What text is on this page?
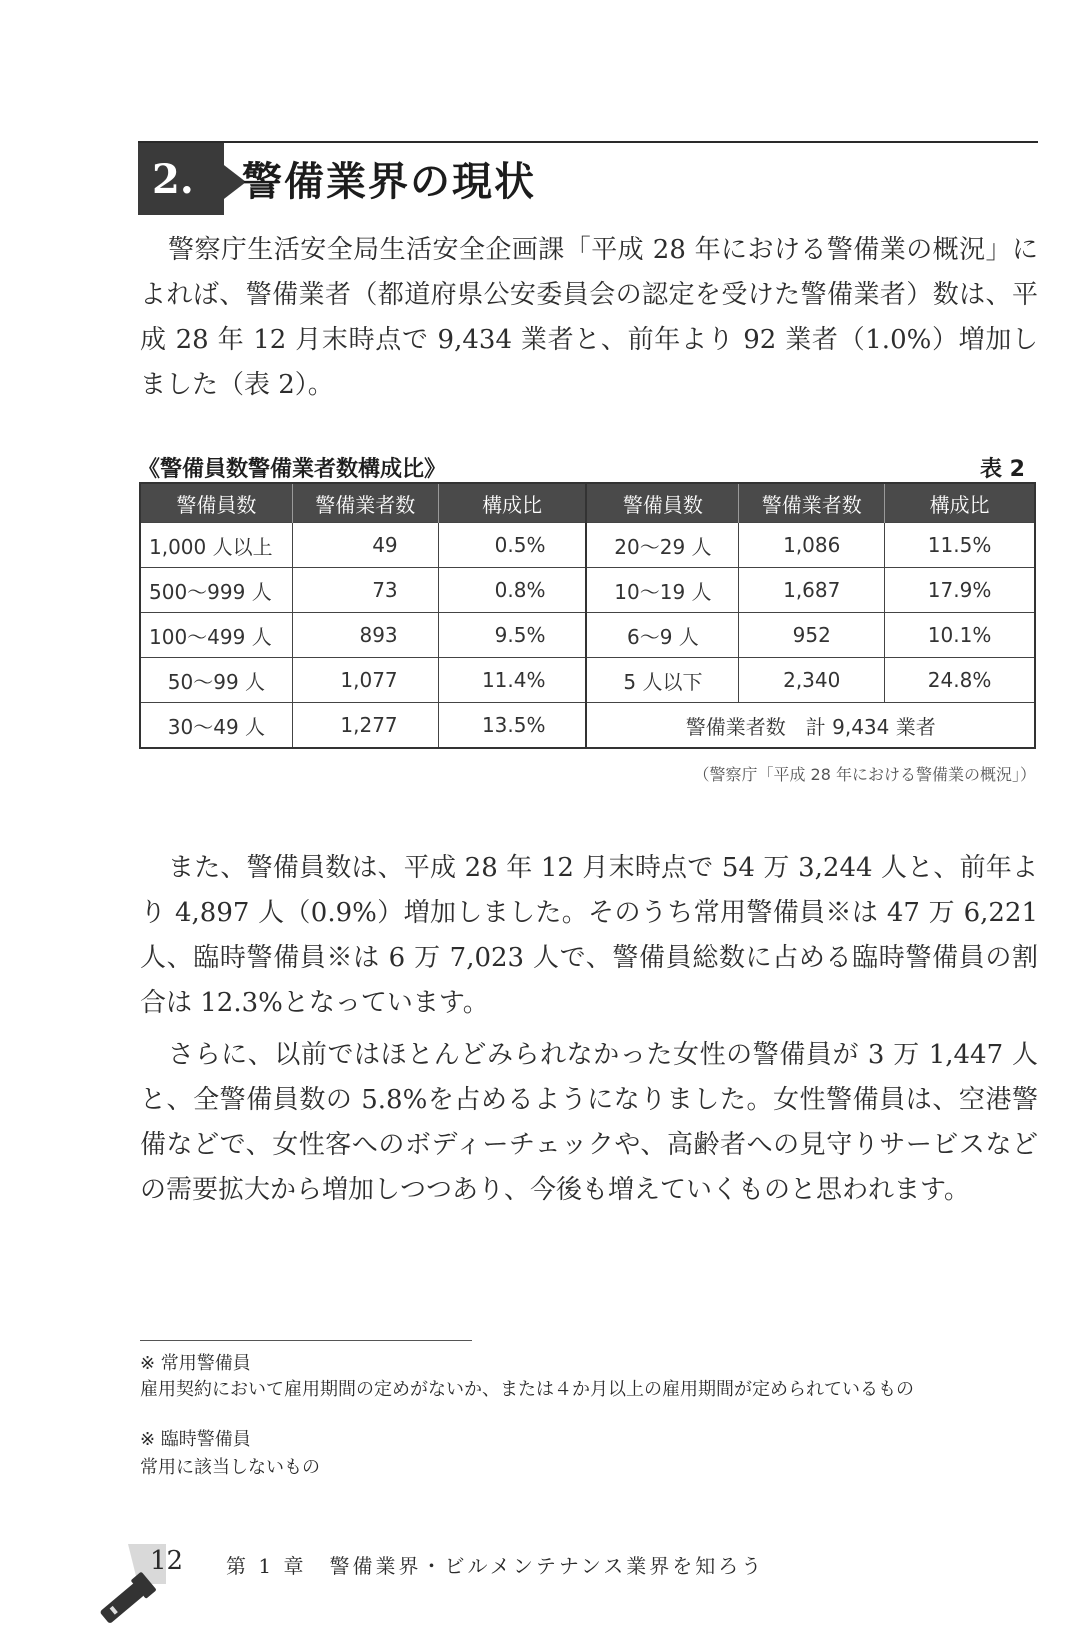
2.	警備業界の現状

警察庁生活安全局生活安全企画課「平成 28 年における警備業の概況」によれば、警備業者（都道府県公安委員会の認定を受けた警備業者）数は、平成 28 年 12 月末時点で 9,434 業者と、前年より 92 業者（1.0%）増加しました（表 2）。

《警備員数警備業者数構成比》	表 2
警備員数	警備業者数	構成比	警備員数	警備業者数	構成比
1,000 人以上	49	0.5%	20〜29 人	1,086	11.5%
500〜999 人	73	0.8%	10〜19 人	1,687	17.9%
100〜499 人	893	9.5%	6〜9 人	952	10.1%
50〜99 人	1,077	11.4%	5 人以下	2,340	24.8%
30〜49 人	1,277	13.5%	警備業者数　計 9,434 業者		
（警察庁「平成 28 年における警備業の概況」）

また、警備員数は、平成 28 年 12 月末時点で 54 万 3,244 人と、前年より 4,897 人（0.9%）増加しました。そのうち常用警備員※は 47 万 6,221 人、臨時警備員※は 6 万 7,023 人で、警備員総数に占める臨時警備員の割合は 12.3%となっています。

さらに、以前ではほとんどみられなかった女性の警備員が 3 万 1,447 人と、全警備員数の 5.8%を占めるようになりました。女性警備員は、空港警備などで、女性客へのボディーチェックや、高齢者への見守りサービスなどの需要拡大から増加しつつあり、今後も増えていくものと思われます。

※ 常用警備員
雇用契約において雇用期間の定めがないか、または４か月以上の雇用期間が定められているもの
※ 臨時警備員
常用に該当しないもの
12 第 1 章　警備業界・ビルメンテナンス業界を知ろう
